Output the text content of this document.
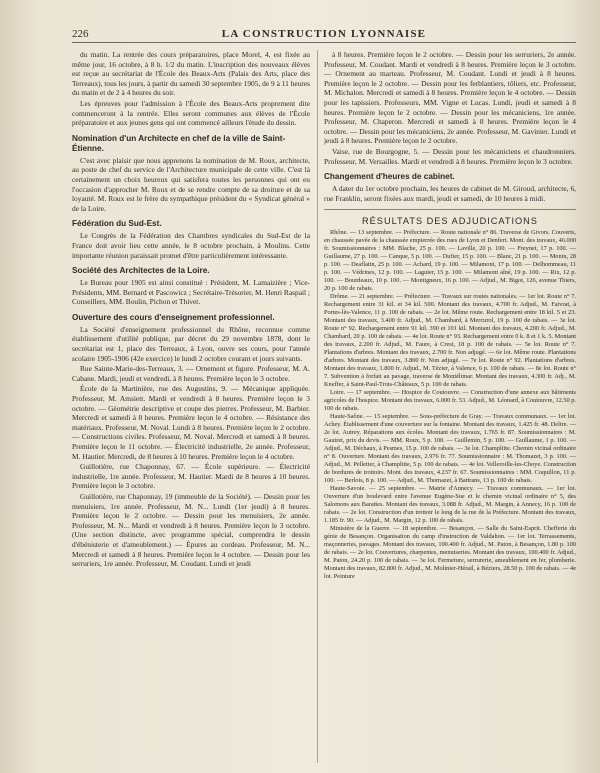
226	LA CONSTRUCTION LYONNAISE

du matin. La rentrée des cours préparatoires, place Morel, 4, est fixée au même jour, 16 octobre, à 8 h. 1/2 du matin. L'inscription des nouveaux élèves est reçue au secrétariat de l'École des Beaux-Arts (Palais des Arts, place des Terreaux), tous les jours, à partir du samedi 30 septembre 1905, de 9 à 11 heures du matin et de 2 à 4 heures du soir.

Les épreuves pour l'admission à l'École des Beaux-Arts proprement dite commenceront à la rentrée. Elles seront communes aux élèves de l'École préparatoire et aux jeunes gens qui ont commencé ailleurs l'étude du dessin.

Nomination d'un Architecte en chef de la ville de Saint-Étienne.

C'est avec plaisir que nous apprenons la nomination de M. Roux, architecte, au poste de chef du service de l'Architecture municipale de cette ville. C'est là certainement un choix heureux qui satisfera toutes les personnes qui ont eu l'occasion d'approcher M. Roux et de se rendre compte de sa droiture et de sa loyauté. M. Roux est le frère du sympathique président du « Syndicat général » de la Loire.

Fédération du Sud-Est.

Le Congrès de la Fédération des Chambres syndicales du Sud-Est de la France doit avoir lieu cette année, le 8 octobre prochain, à Moulins. Cette importante réunion paraissait promet d'être particulièrement intéressante.

Société des Architectes de la Loire.

Le Bureau pour 1905 est ainsi constitué : Président, M. Lamaizière ; Vice-Présidents, MM. Bernard et Pascowicz ; Secrétaire-Trésorier, M. Henri Raspail ; Conseillers, MM. Boulin, Pichon et Thivet.

Ouverture des cours d'enseignement professionnel.

La Société d'enseignement professionnel du Rhône, reconnue comme établissement d'utilité publique, par décret du 29 novembre 1878, dont le secrétariat est 1, place des Terreaux, à Lyon, ouvre ses cours, pour l'année scolaire 1905-1906 (42e exercice) le lundi 2 octobre courant et jours suivants.

Rue Sainte-Marie-des-Terreaux, 3. — Ornement et figure. Professeur, M. A. Cabane. Mardi, jeudi et vendredi, à 8 heures. Première leçon le 3 octobre.

École de la Martinière, rue des Augustins, 9. — Mécanique appliquée. Professeur, M. Amsiett. Mardi et vendredi à 8 heures. Première leçon le 3 octobre. — Géométrie descriptive et coupe des pierres. Professeur, M. Barbier. Mercredi et samedi à 8 heures. Première leçon le 4 octobre. — Résistance des matériaux. Professeur, M. Noval. Lundi à 8 heures. Première leçon le 2 octobre. — Constructions civiles. Professeur, M. Noval. Mercredi et samedi à 8 heures. Première leçon le 11 octobre. — Électricité industrielle, 2e année. Professeur, M. Hautier. Mercredi, de 8 heures à 10 heures. Première leçon le 4 octobre.

Guillotière, rue Chaponnay, 67. — École supérieure. — Électricité industrielle, 1re année. Professeur, M. Hautier. Mardi de 8 heures à 10 heures. Première leçon le 3 octobre.

Guillotière, rue Chaponnay, 19 (immeuble de la Société). — Dessin pour les menuisiers, 1re année. Professeur, M. N... Lundi (1er jeudi) à 8 heures. Première leçon le 2 octobre. — Dessin pour les menuisiers, 2e année. Professeur, M. N... Mardi et vendredi à 8 heures. Première leçon le 3 octobre. (Une section distincte, avec programme spécial, comprendra le dessin d'ébénisterie et d'ameublement.) — Épures au cordeau. Professeur, M. N... Mercredi et samedi à 8 heures. Première leçon le 4 octobre. — Dessin pour les serruriers, 1re année. Professeur, M. Coudant. Lundi et jeudi

à 8 heures. Première leçon le 2 octobre. — Dessin pour les serruriers, 2e année. Professeur, M. Coudant. Mardi et vendredi à 8 heures. Première leçon le 3 octobre. — Ornement au marteau. Professeur, M. Coudant. Lundi et jeudi à 8 heures. Première leçon le 2 octobre. — Dessin pour les ferblantiers, tôliers, etc. Professeur, M. Michalon. Mercredi et samedi à 8 heures. Première leçon le 4 octobre. — Dessin pour les tapissiers. Professeurs, MM. Vigne et Lucas. Lundi, jeudi et samedi à 8 heures. Première leçon le 2 octobre. — Dessin pour les mécaniciens, 1re année. Professeur, M. Chaperon. Mercredi et samedi à 8 heures. Première leçon le 4 octobre. — Dessin pour les mécaniciens, 2e année. Professeur, M. Gavinier. Lundi et jeudi à 8 heures. Première leçon le 2 octobre.

Vaise, rue de Bourgogne, 5. — Dessin pour les mécaniciens et chaudronniers. Professeur, M. Versailles. Mardi et vendredi à 8 heures. Première leçon le 3 octobre.

Changement d'heures de cabinet.

A dater du 1er octobre prochain, les heures de cabinet de M. Giroud, architecte, 6, rue Franklin, seront fixées aux mardi, jeudi et samedi, de 10 heures à midi.

RÉSULTATS DES ADJUDICATIONS

Rhône. — 13 septembre. — Préfecture. — Route nationale n° 86. Traverse de Givors. Couverts, en chaussée pavée de la chaussée empierrée des rues de Lyon et Denfert. Mont. des travaux, 46.000 fr. Soumissionnaires : MM. Blache, 25 p. 100. — Laville, 20 p. 100. — Freynet, 17 p. 100. — Guillaume, 27 p. 100. — Canque, 5 p. 100. — Dufier, 15 p. 100. — Blanc, 21 p. 100. — Monin, 28 p. 100. — Deaflatin, 25 p. 100. — Achard, 19 p. 100. — Milamont, 17 p. 100. — Delhommeau, 11 p. 100. — Védrines, 12 p. 100. — Laguier, 15 p. 100. — Milamont aîné, 19 p. 100. — Rix, 12 p. 100. — Bourdeaux, 10 p. 100. — Montigneux, 16 p. 100. — Adjud., M. Bigot, 126, avenue Thiers, 20 p. 100 de rabais.

Drôme. — 21 septembre. — Préfecture. — Travaux sur routes nationales. — 1er lot. Route n° 7. Rechargement entre 31 kil. et 34 kil. 500. Montant des travaux, 4.700 fr. Adjud., M. Faivrat, à Portes-lès-Valence, 11 p. 100 de rabais. — 2e lot. Même route. Rechargement entre 18 kil. 5 et 23. Montant des travaux, 3.400 fr. Adjud., M. Chambard, à Mercurol, 19 p. 100 de rabais. — 3e lot. Route n° 92. Rechargement entre 91 kil. 390 et 101 kil. Montant des travaux, 4.200 fr. Adjud., M. Chambard, 20 p. 100 de rabais. — 4e lot. Route n° 93. Rechargement entre 0 k. 8 et 1 k. 5. Montant des travaux, 2.200 fr. Adjud., M. Faure, à Crest, 18 p. 100 de rabais. — 5e lot. Route n° 7. Plantations d'arbres. Montant des travaux, 2.700 fr. Non adjugé. — 6e lot. Même route. Plantations d'arbres. Montant des travaux, 3.800 fr. Non adjugé. — 7e lot. Route n° 92. Plantations d'arbres. Montant des travaux, 1.800 fr. Adjud., M. Tézier, à Valence, 6 p. 100 de rabais. — 8e lot. Route n° 7. Subvention à forfait au pavage, traverse de Montélimar. Montant des travaux, 4.300 fr. Adj., M. Kneffer, à Saint-Paul-Trois-Châteaux, 5 p. 100 de rabais.

Loire. — 17 septembre. — Hospice de Coutouvre. — Construction d'une annexe aux bâtiments agricoles de l'hospice. Montant des travaux, 6.000 fr. 53. Adjud., M. Léonard, à Coutouvre, 12.50 p. 100 de rabais.

Haute-Saône. — 15 septembre. — Sous-préfecture de Gray. — Travaux communaux. — 1er lot. Achey. Établissement d'une couverture sur la fontaine. Montant des travaux, 1.425 fr. 48. Delire. — 2e lot. Autrey. Réparations aux écoles. Montant des travaux, 1.765 fr. 87. Soumissionnaires : M. Gautret, prix du devis. — MM. Roux, 5 p. 100. — Guillemin, 5 p. 100. — Guillaume, 1 p. 100. — Adjud., M. Déchaux, à Pesmes, 15 p. 100 de rabais. — 3e lot. Champlitte. Chemin vicinal ordinaire n° 8. Ouverture. Montant des travaux, 2.976 fr. 77. Soumissionnaire : M. Thomazet, 3 p. 100. — Adjud., M. Pelletier, à Champlitte, 5 p. 100 de rabais. — 4e lot. Velleroille-les-Choye. Construction de bordures de trottoirs. Mont. des travaux, 4.237 fr. 67. Soumissionnaires : MM. Coquillon, 11 p. 100. — Berlois, 8 p. 100. — Adjud., M. Thomazet, à Battrans, 13 p. 100 de rabais.

Haute-Savoie. — 25 septembre. — Mairie d'Annecy. — Travaux communaux. — 1er lot. Ouverture d'un boulevard entre l'avenue Eugène-Sue et le chemin vicinal ordinaire n° 5, des Salomons aux Barattes. Montant des travaux, 3.088 fr. Adjud., M. Margin, à Annecy, 16 p. 100 de rabais. — 2e lot. Construction d'un trottoir le long de la rue de la Préfecture. Montant des travaux, 1.185 fr. 90. — Adjud., M. Margin, 12 p. 100 de rabais.

Ministère de la Guerre. — 18 septembre. — Besançon. — Salle du Saint-Esprit. Chefferie du génie de Besançon. Organisation du camp d'instruction de Valdahon. — 1er lot. Terrassements, maçonneries, pavages. Montant des travaux, 100.400 fr. Adjud., M. Paton, à Besançon, 1.80 p. 100 de rabais. — 2e lot. Couvertures, charpentes, menuiseries. Montant des travaux, 100.400 fr. Adjud., M. Paton, 24.20 p. 100 de rabais. — 3e lot. Fermeture, serrurerie, ameublement en fer, plomberie. Montant des travaux, 82.800 fr. Adjud., M. Molinier-Hérail, à Béziers, 28.50 p. 100 de rabais. — 4e lot. Peinture
